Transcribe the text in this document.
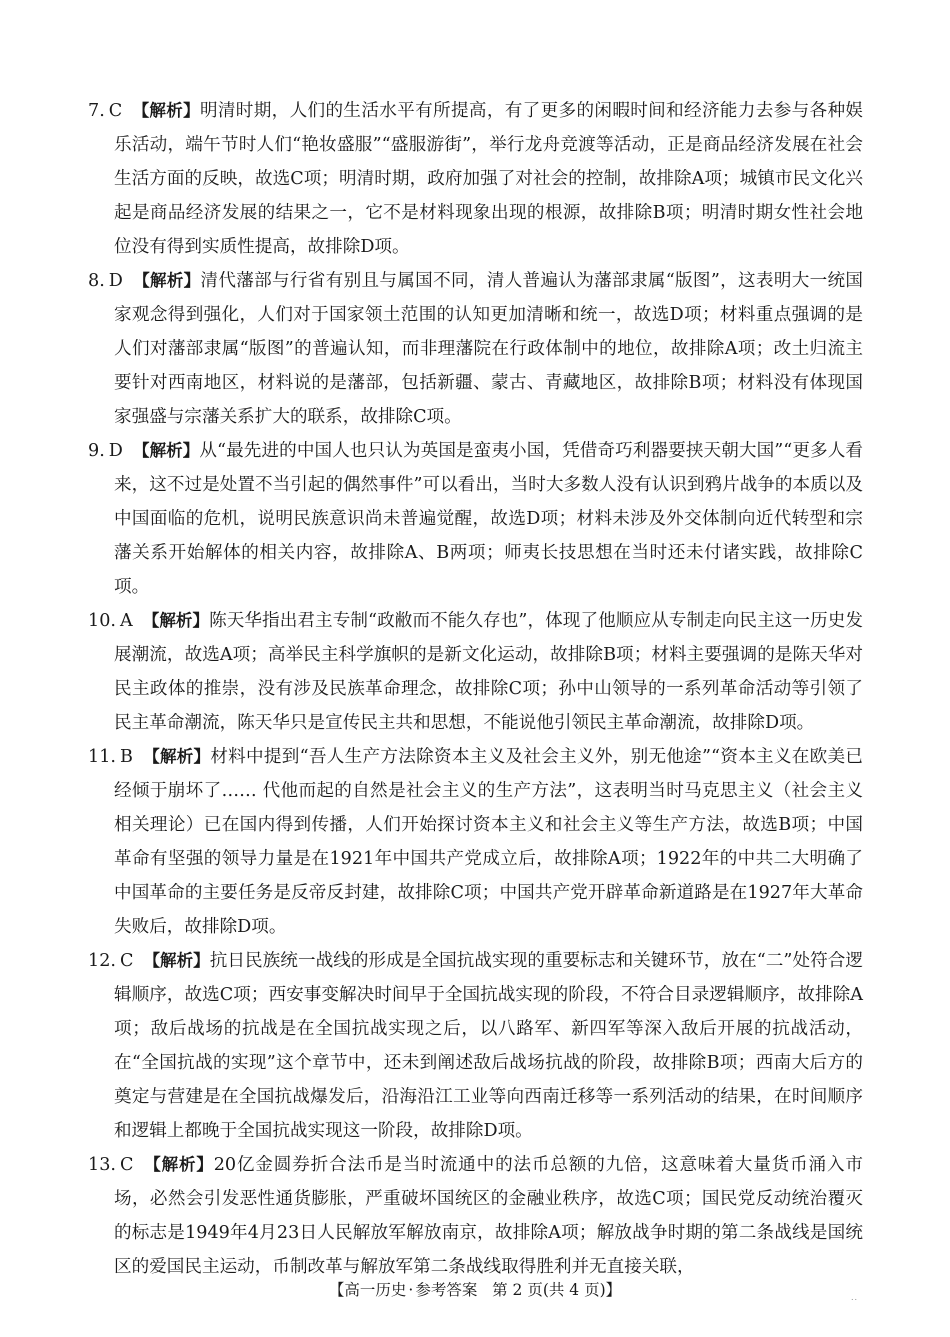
7. C 【解析】明清时期，人们的生活水平有所提高，有了更多的闲暇时间和经济能力去参与各种娱乐活动，端午节时人们“艳妆盛服”“盛服游街”，举行龙舟竞渡等活动，正是商品经济发展在社会生活方面的反映，故选C项；明清时期，政府加强了对社会的控制，故排除A项；城镇市民文化兴起是商品经济发展的结果之一，它不是材料现象出现的根源，故排除B项；明清时期女性社会地位没有得到实质性提高，故排除D项。

8. D 【解析】清代藩部与行省有别且与属国不同，清人普遍认为藩部隶属“版图”，这表明大一统国家观念得到强化，人们对于国家领土范围的认知更加清晰和统一，故选D项；材料重点强调的是人们对藩部隶属“版图”的普遍认知，而非理藩院在行政体制中的地位，故排除A项；改土归流主要针对西南地区，材料说的是藩部，包括新疆、蒙古、青藏地区，故排除B项；材料没有体现国家强盛与宗藩关系扩大的联系，故排除C项。

9. D 【解析】从“最先进的中国人也只认为英国是蛮夷小国，凭借奇巧利器要挟天朝大国”“更多人看来，这不过是处置不当引起的偶然事件”可以看出，当时大多数人没有认识到鸦片战争的本质以及中国面临的危机，说明民族意识尚未普遍觉醒，故选D项；材料未涉及外交体制向近代转型和宗藩关系开始解体的相关内容，故排除A、B两项；师夷长技思想在当时还未付诸实践，故排除C项。

10. A 【解析】陈天华指出君主专制“政敝而不能久存也”，体现了他顺应从专制走向民主这一历史发展潮流，故选A项；高举民主科学旗帜的是新文化运动，故排除B项；材料主要强调的是陈天华对民主政体的推崇，没有涉及民族革命理念，故排除C项；孙中山领导的一系列革命活动等引领了民主革命潮流，陈天华只是宣传民主共和思想，不能说他引领民主革命潮流，故排除D项。

11. B 【解析】材料中提到“吾人生产方法除资本主义及社会主义外，别无他途”“资本主义在欧美已经倾于崩坏了…… 代他而起的自然是社会主义的生产方法”，这表明当时马克思主义（社会主义相关理论）已在国内得到传播，人们开始探讨资本主义和社会主义等生产方法，故选B项；中国革命有坚强的领导力量是在1921年中国共产党成立后，故排除A项；1922年的中共二大明确了中国革命的主要任务是反帝反封建，故排除C项；中国共产党开辟革命新道路是在1927年大革命失败后，故排除D项。

12. C 【解析】抗日民族统一战线的形成是全国抗战实现的重要标志和关键环节，放在“二”处符合逻辑顺序，故选C项；西安事变解决时间早于全国抗战实现的阶段，不符合目录逻辑顺序，故排除A项；敌后战场的抗战是在全国抗战实现之后，以八路军、新四军等深入敌后开展的抗战活动，在“全国抗战的实现”这个章节中，还未到阐述敌后战场抗战的阶段，故排除B项；西南大后方的奠定与营建是在全国抗战爆发后，沿海沿江工业等向西南迁移等一系列活动的结果，在时间顺序和逻辑上都晚于全国抗战实现这一阶段，故排除D项。

13. C 【解析】20亿金圆券折合法币是当时流通中的法币总额的九倍，这意味着大量货币涌入市场，必然会引发恶性通货膨胀，严重破坏国统区的金融业秩序，故选C项；国民党反动统治覆灭的标志是1949年4月23日人民解放军解放南京，故排除A项；解放战争时期的第二条战线是国统区的爱国民主运动，币制改革与解放军第二条战线取得胜利并无直接关联，

【高一历史 · 参考答案 第 2 页(共 4 页)】	..
